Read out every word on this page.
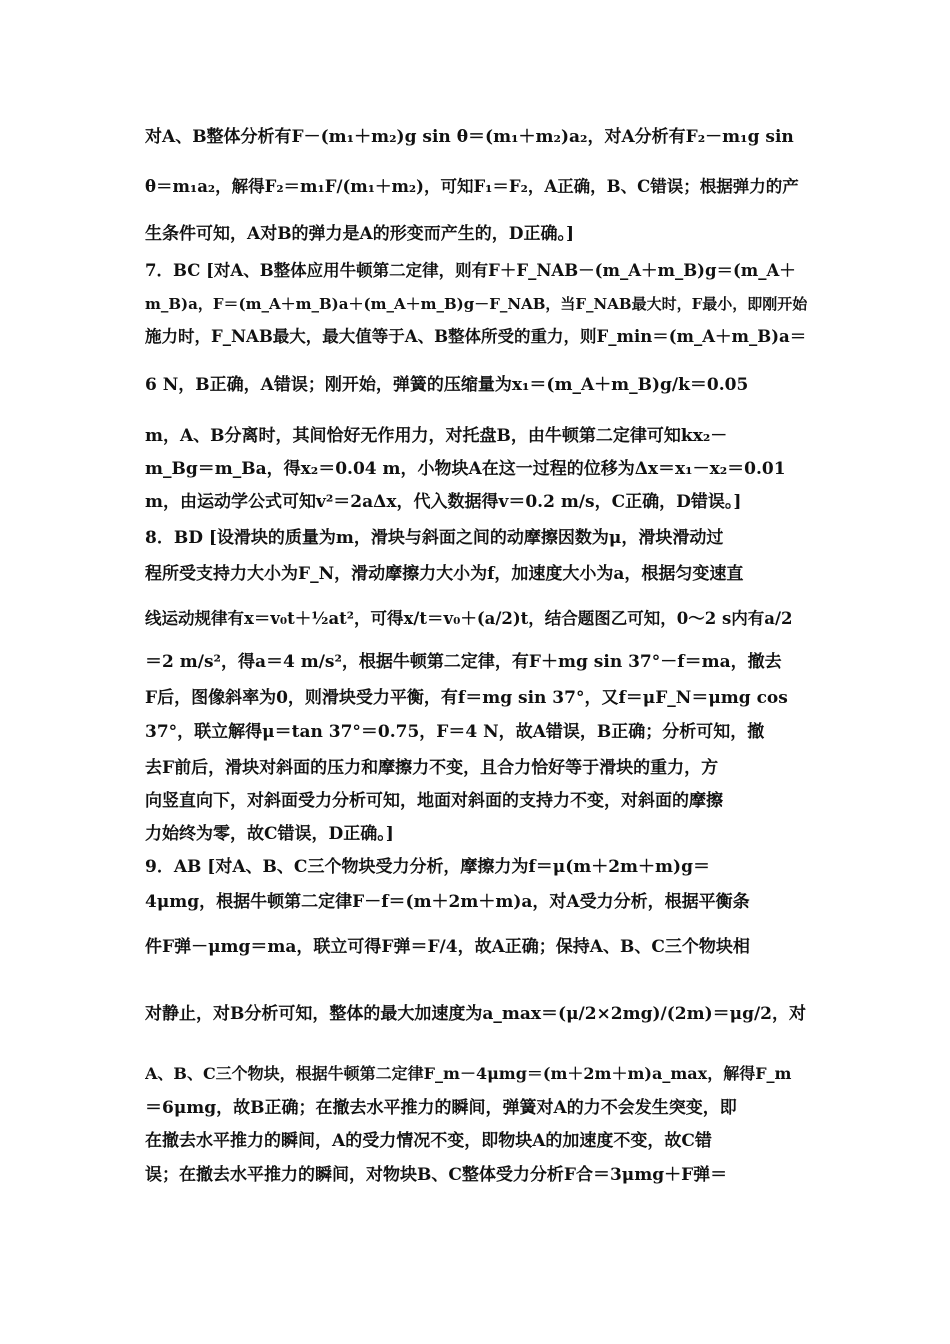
对A、B整体分析有F－(m₁＋m₂)g sin θ＝(m₁＋m₂)a₂，对A分析有F₂－m₁g sin
θ＝m₁a₂，解得F₂＝m₁F/(m₁＋m₂)，可知F₁＝F₂，A正确，B、C错误；根据弹力的产
生条件可知，A对B的弹力是A的形变而产生的，D正确。]
7．BC [对A、B整体应用牛顿第二定律，则有F＋F_NAB－(m_A＋m_B)g＝(m_A＋
m_B)a，F＝(m_A＋m_B)a＋(m_A＋m_B)g－F_NAB，当F_NAB最大时，F最小，即刚开始
施力时，F_NAB最大，最大值等于A、B整体所受的重力，则F_min＝(m_A＋m_B)a＝
6 N，B正确，A错误；刚开始，弹簧的压缩量为x₁＝(m_A＋m_B)g/k＝0.05
m，A、B分离时，其间恰好无作用力，对托盘B，由牛顿第二定律可知kx₂－
m_Bg＝m_Ba，得x₂＝0.04 m，小物块A在这一过程的位移为Δx＝x₁－x₂＝0.01
m，由运动学公式可知v²＝2aΔx，代入数据得v＝0.2 m/s，C正确，D错误。]
8．BD [设滑块的质量为m，滑块与斜面之间的动摩擦因数为μ，滑块滑动过
程所受支持力大小为F_N，滑动摩擦力大小为f，加速度大小为a，根据匀变速直
线运动规律有x＝v₀t＋½at²，可得x/t＝v₀＋(a/2)t，结合题图乙可知，0～2 s内有a/2
＝2 m/s²，得a＝4 m/s²，根据牛顿第二定律，有F＋mg sin 37°－f＝ma，撤去
F后，图像斜率为0，则滑块受力平衡，有f＝mg sin 37°，又f＝μF_N＝μmg cos
37°，联立解得μ＝tan 37°＝0.75，F＝4 N，故A错误，B正确；分析可知，撤
去F前后，滑块对斜面的压力和摩擦力不变，且合力恰好等于滑块的重力，方
向竖直向下，对斜面受力分析可知，地面对斜面的支持力不变，对斜面的摩擦
力始终为零，故C错误，D正确。]
9．AB [对A、B、C三个物块受力分析，摩擦力为f＝μ(m＋2m＋m)g＝
4μmg，根据牛顿第二定律F－f＝(m＋2m＋m)a，对A受力分析，根据平衡条
件F弹－μmg＝ma，联立可得F弹＝F/4，故A正确；保持A、B、C三个物块相
对静止，对B分析可知，整体的最大加速度为a_max＝(μ/2×2mg)/(2m)＝μg/2，对
A、B、C三个物块，根据牛顿第二定律F_m－4μmg＝(m＋2m＋m)a_max，解得F_m
＝6μmg，故B正确；在撤去水平推力的瞬间，弹簧对A的力不会发生突变，即
在撤去水平推力的瞬间，A的受力情况不变，即物块A的加速度不变，故C错
误；在撤去水平推力的瞬间，对物块B、C整体受力分析F合＝3μmg＋F弹＝
